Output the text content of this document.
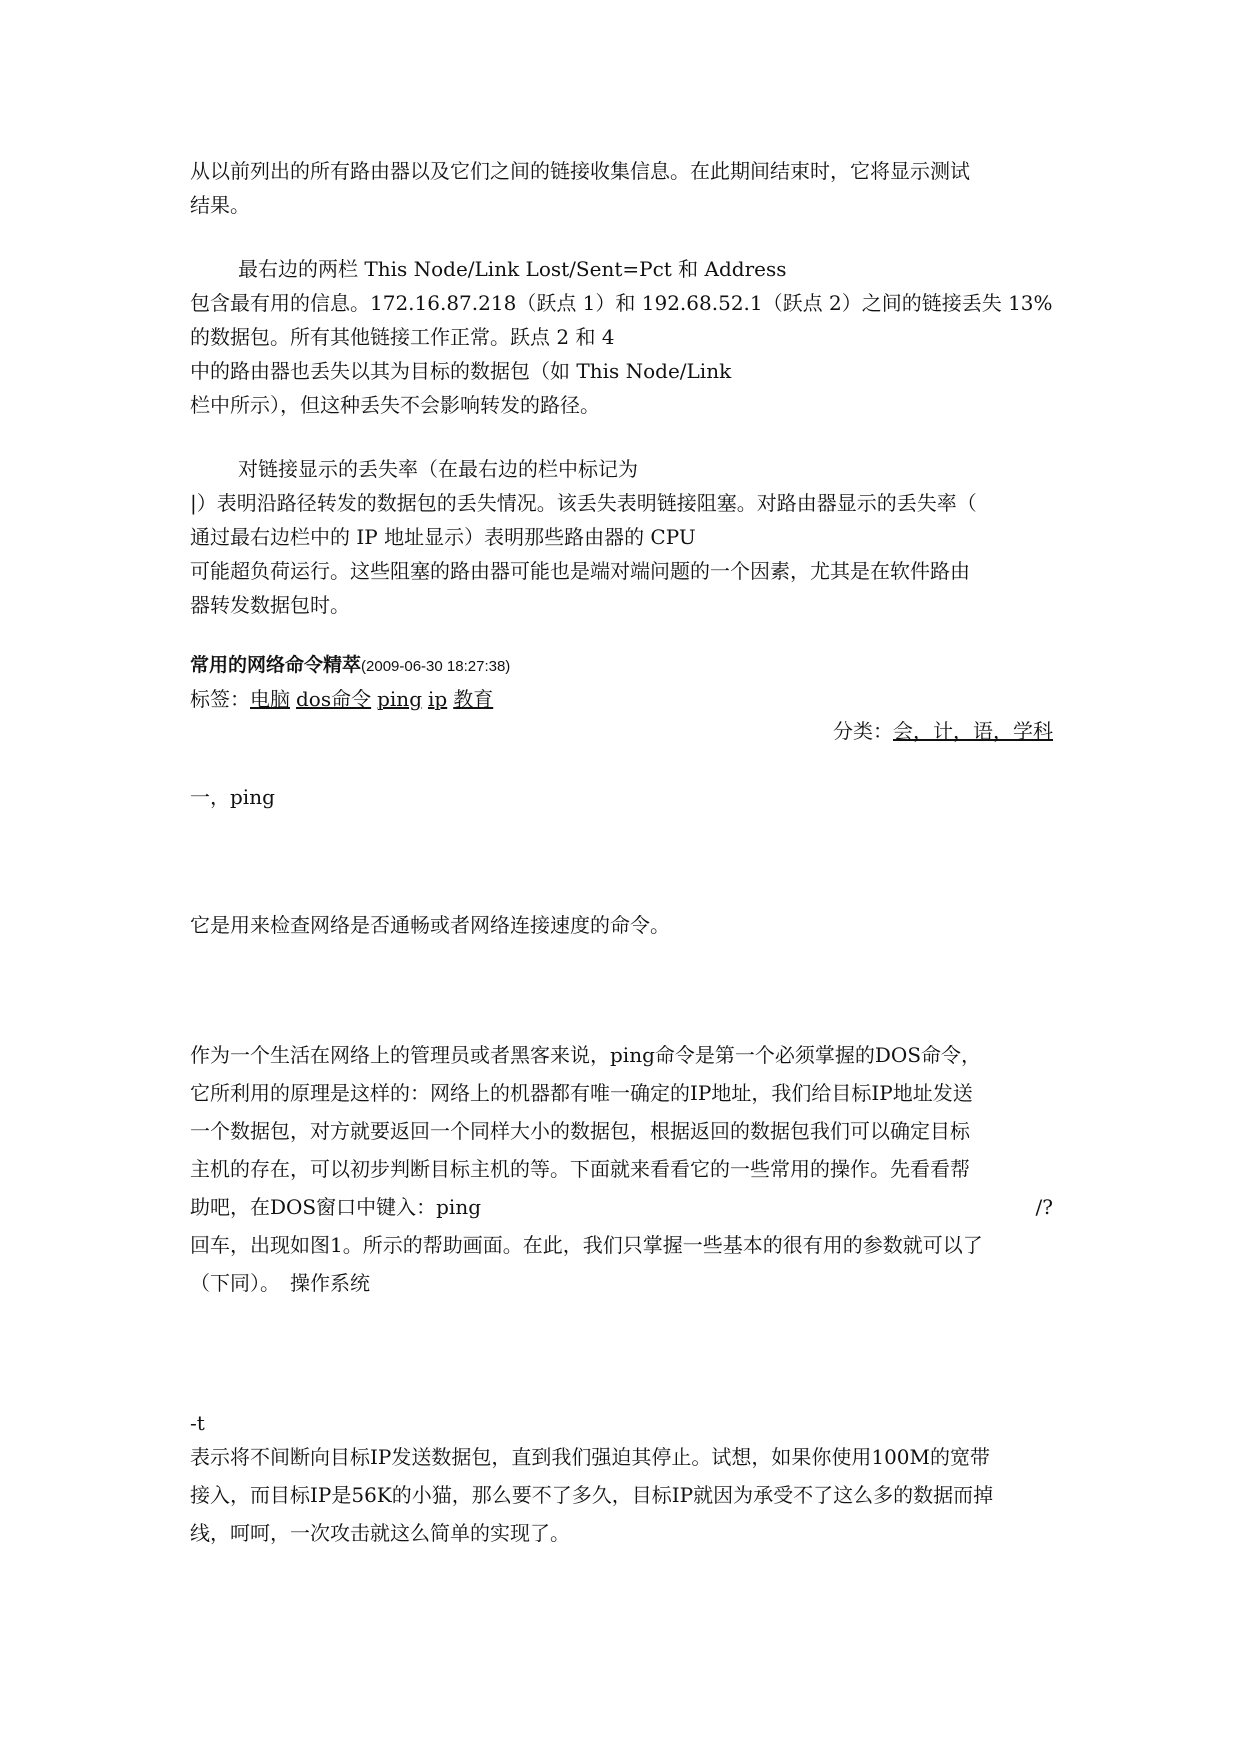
从以前列出的所有路由器以及它们之间的链接收集信息。在此期间结束时，它将显示测试
结果。
最右边的两栏 This Node/Link Lost/Sent=Pct 和 Address
包含最有用的信息。172.16.87.218（跃点 1）和 192.68.52.1（跃点 2）之间的链接丢失 13%
的数据包。所有其他链接工作正常。跃点 2 和 4
中的路由器也丢失以其为目标的数据包（如 This Node/Link
栏中所示），但这种丢失不会影响转发的路径。
对链接显示的丢失率（在最右边的栏中标记为
|）表明沿路径转发的数据包的丢失情况。该丢失表明链接阻塞。对路由器显示的丢失率（
通过最右边栏中的 IP 地址显示）表明那些路由器的 CPU
可能超负荷运行。这些阻塞的路由器可能也是端对端问题的一个因素，尤其是在软件路由
器转发数据包时。
常用的网络命令精萃(2009-06-30 18:27:38)
标签：电脑 dos命令 ping ip 教育
分类：会，计，语，学科
一，ping
它是用来检查网络是否通畅或者网络连接速度的命令。
作为一个生活在网络上的管理员或者黑客来说，ping命令是第一个必须掌握的DOS命令，
它所利用的原理是这样的：网络上的机器都有唯一确定的IP地址，我们给目标IP地址发送
一个数据包，对方就要返回一个同样大小的数据包，根据返回的数据包我们可以确定目标
主机的存在，可以初步判断目标主机的等。下面就来看看它的一些常用的操作。先看看帮
助吧，在DOS窗口中键入：ping	/?
回车，出现如图1。所示的帮助画面。在此，我们只掌握一些基本的很有用的参数就可以了
（下同）。　操作系统
-t
表示将不间断向目标IP发送数据包，直到我们强迫其停止。试想，如果你使用100M的宽带
接入，而目标IP是56K的小猫，那么要不了多久，目标IP就因为承受不了这么多的数据而掉
线，呵呵，一次攻击就这么简单的实现了。
